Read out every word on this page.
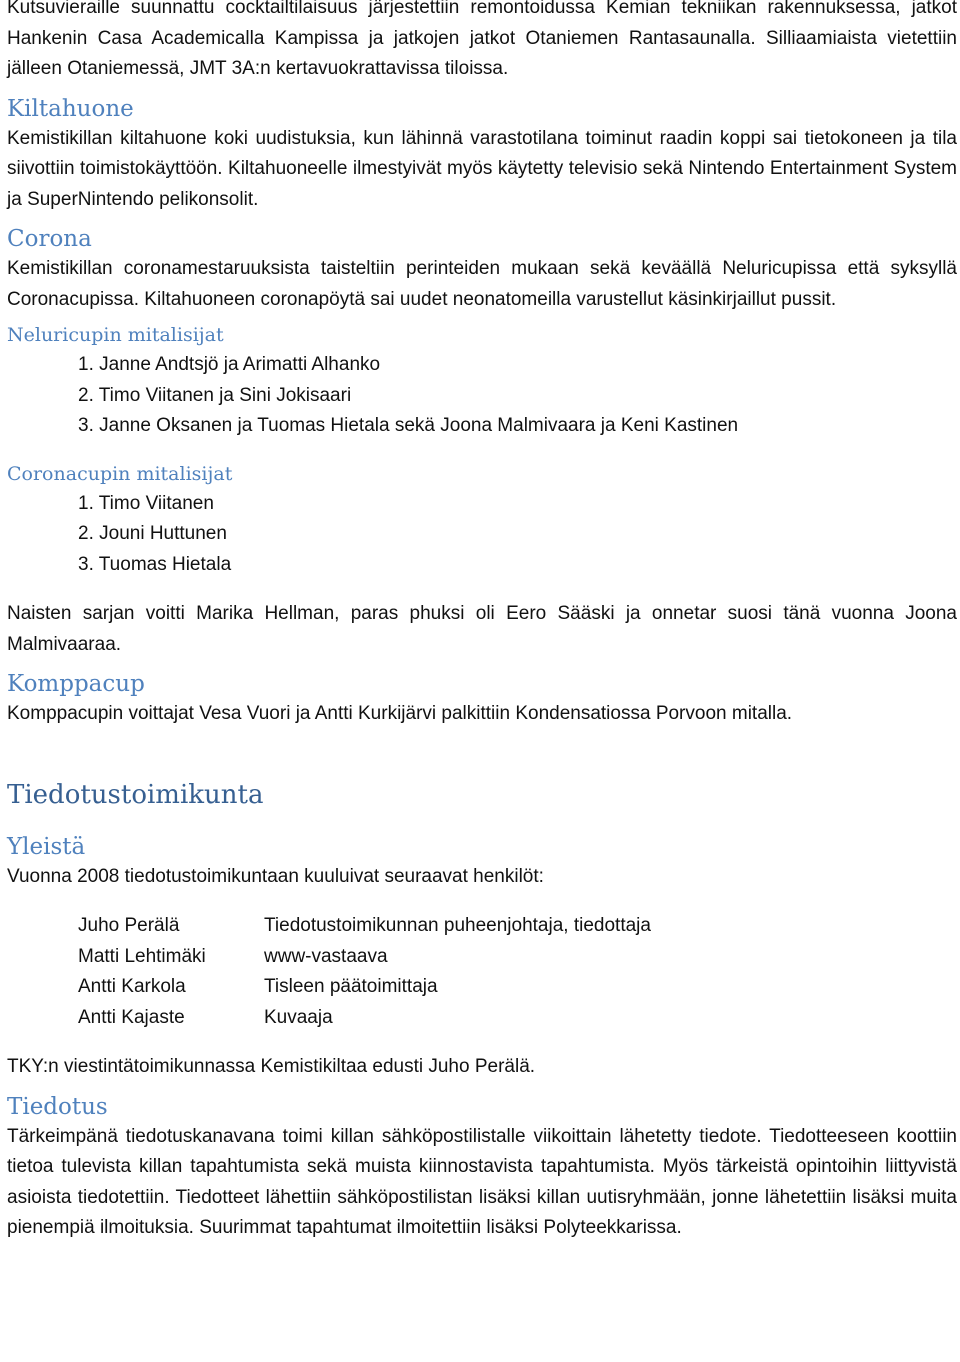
Kutsuvieraille suunnattu cocktailtilaisuus järjestettiin remontoidussa Kemian tekniikan rakennuksessa, jatkot Hankenin Casa Academicalla Kampissa ja jatkojen jatkot Otaniemen Rantasaunalla. Silliaamiaista vietettiin jälleen Otaniemessä, JMT 3A:n kertavuokrattavissa tiloissa.

Kiltahuone

Kemistikillan kiltahuone koki uudistuksia, kun lähinnä varastotilana toiminut raadin koppi sai tietokoneen ja tila siivottiin toimistokäyttöön. Kiltahuoneelle ilmestyivät myös käytetty televisio sekä Nintendo Entertainment System ja SuperNintendo pelikonsolit.

Corona

Kemistikillan coronamestaruuksista taisteltiin perinteiden mukaan sekä keväällä Neluricupissa että syksyllä Coronacupissa. Kiltahuoneen coronapöytä sai uudet neonatomeilla varustellut käsinkirjaillut pussit.

Neluricupin mitalisijat
1. Janne Andtsjö ja Arimatti Alhanko
2. Timo Viitanen ja Sini Jokisaari
3. Janne Oksanen ja Tuomas Hietala sekä Joona Malmivaara ja Keni Kastinen
Coronacupin mitalisijat
1. Timo Viitanen
2. Jouni Huttunen
3. Tuomas Hietala

Naisten sarjan voitti Marika Hellman, paras phuksi oli Eero Sääski ja onnetar suosi tänä vuonna Joona Malmivaaraa.

Komppacup

Komppacupin voittajat Vesa Vuori ja Antti Kurkijärvi palkittiin Kondensatiossa Porvoon mitalla.

Tiedotustoimikunta
Yleistä

Vuonna 2008 tiedotustoimikuntaan kuuluivat seuraavat henkilöt:

Juho Perälä	Tiedotustoimikunnan puheenjohtaja, tiedottaja
Matti Lehtimäki	www-vastaava
Antti Karkola	Tisleen päätoimittaja
Antti Kajaste	Kuvaaja

TKY:n viestintätoimikunnassa Kemistikiltaa edusti Juho Perälä.

Tiedotus

Tärkeimpänä tiedotuskanavana toimi killan sähköpostilistalle viikoittain lähetetty tiedote. Tiedotteeseen koottiin tietoa tulevista killan tapahtumista sekä muista kiinnostavista tapahtumista. Myös tärkeistä opintoihin liittyvistä asioista tiedotettiin. Tiedotteet lähettiin sähköpostilistan lisäksi killan uutisryhmään, jonne lähetettiin lisäksi muita pienempiä ilmoituksia. Suurimmat tapahtumat ilmoitettiin lisäksi Polyteekkarissa.
